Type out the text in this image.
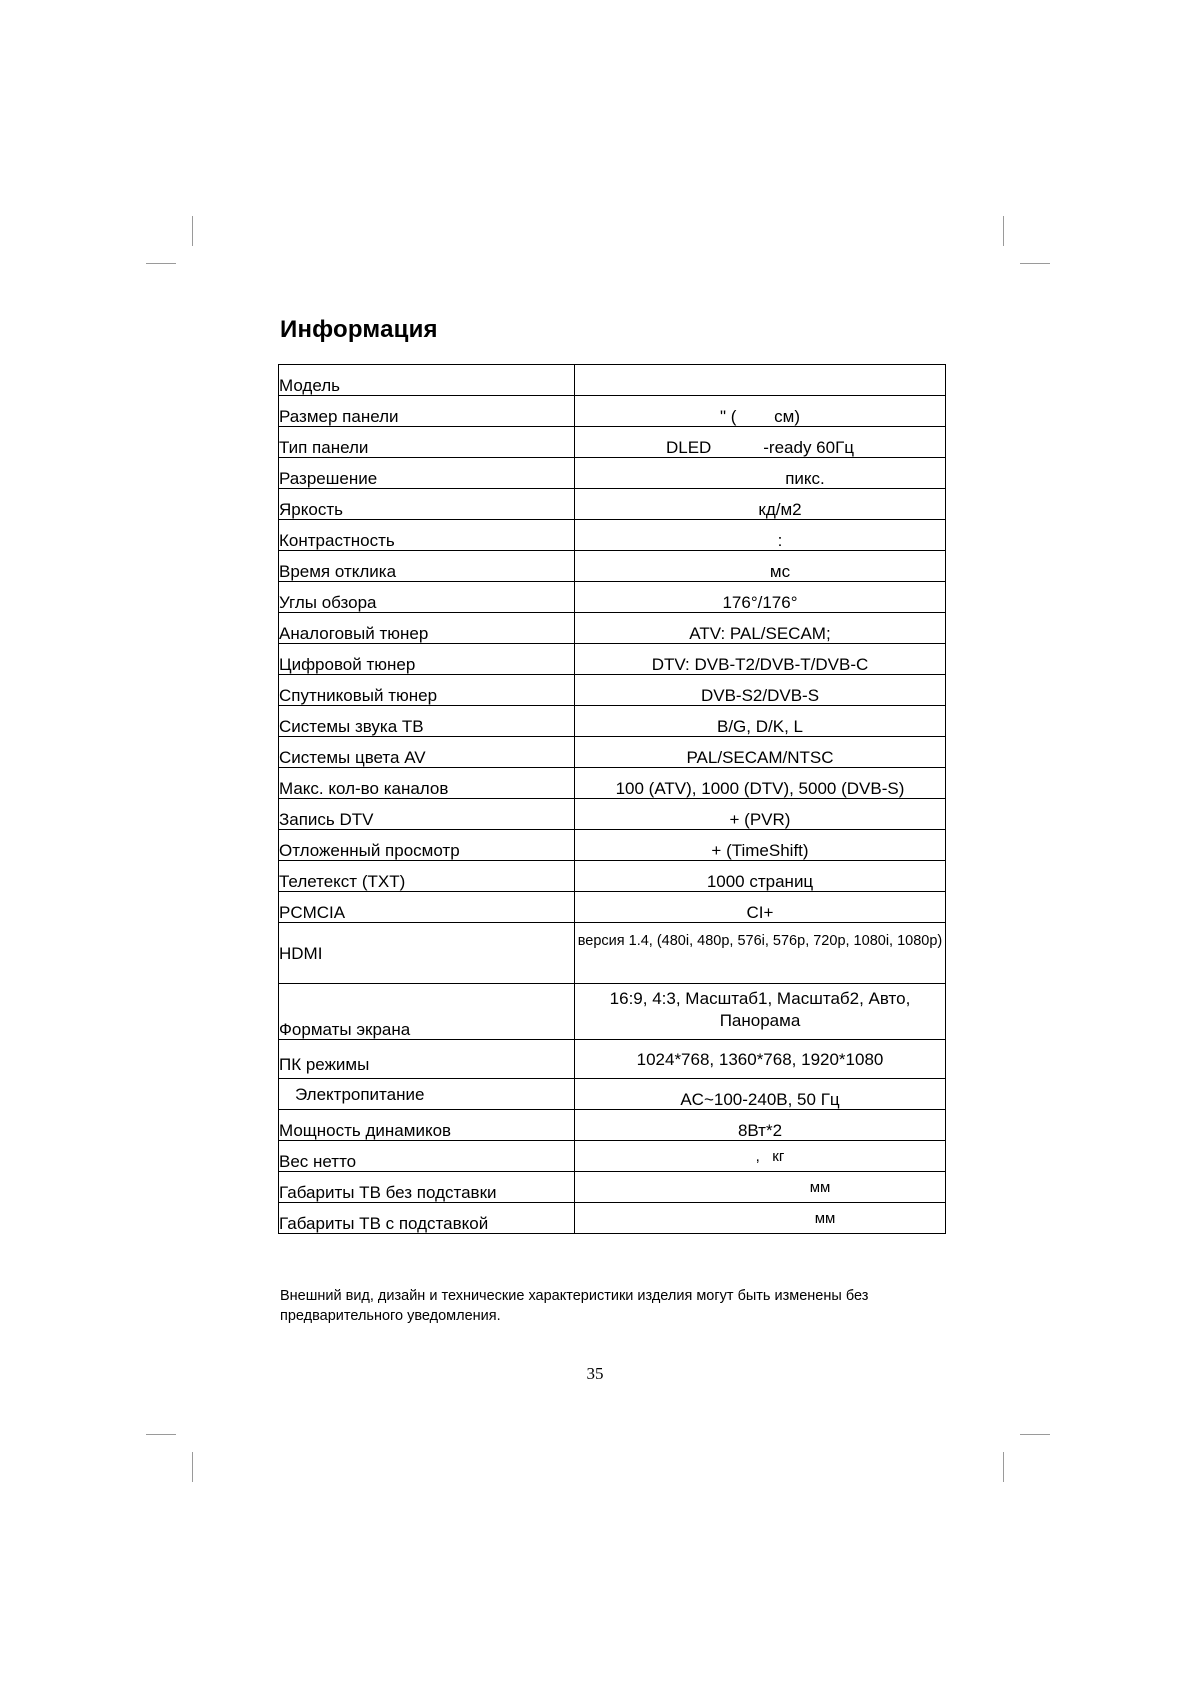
Информация
Модель	
Размер панели	" (        см)
Тип панели	DLED           -ready 60Гц
Разрешение	пикс.
Яркость	кд/м2
Контрастность	:
Время отклика	мс
Углы обзора	176°/176°
Аналоговый тюнер	ATV: PAL/SECAM;
Цифровой тюнер	DTV: DVB-T2/DVB-T/DVB-C
Спутниковый тюнер	DVB-S2/DVB-S
Системы звука ТВ	B/G, D/K, L
Системы цвета AV	PAL/SECAM/NTSC
Макс. кол-во каналов	100 (ATV), 1000 (DTV), 5000 (DVB-S)
Запись DTV	+ (PVR)
Отложенный просмотр	+ (TimeShift)
Телетекст (TXT)	1000 страниц
PCMCIA	CI+
HDMI	версия 1.4, (480i, 480p, 576i, 576p, 720p, 1080i, 1080p)
Форматы экрана	16:9, 4:3, Масштаб1, Масштаб2, Авто, Панорама
ПК режимы	1024*768, 1360*768, 1920*1080
Электропитание	AC~100-240В, 50 Гц
Мощность динамиков	8Вт*2
Вес нетто	,   кг
Габариты ТВ без подставки	мм
Габариты ТВ с подставкой	мм
Внешний вид, дизайн и технические характеристики изделия могут быть изменены без предварительного уведомления.
35
